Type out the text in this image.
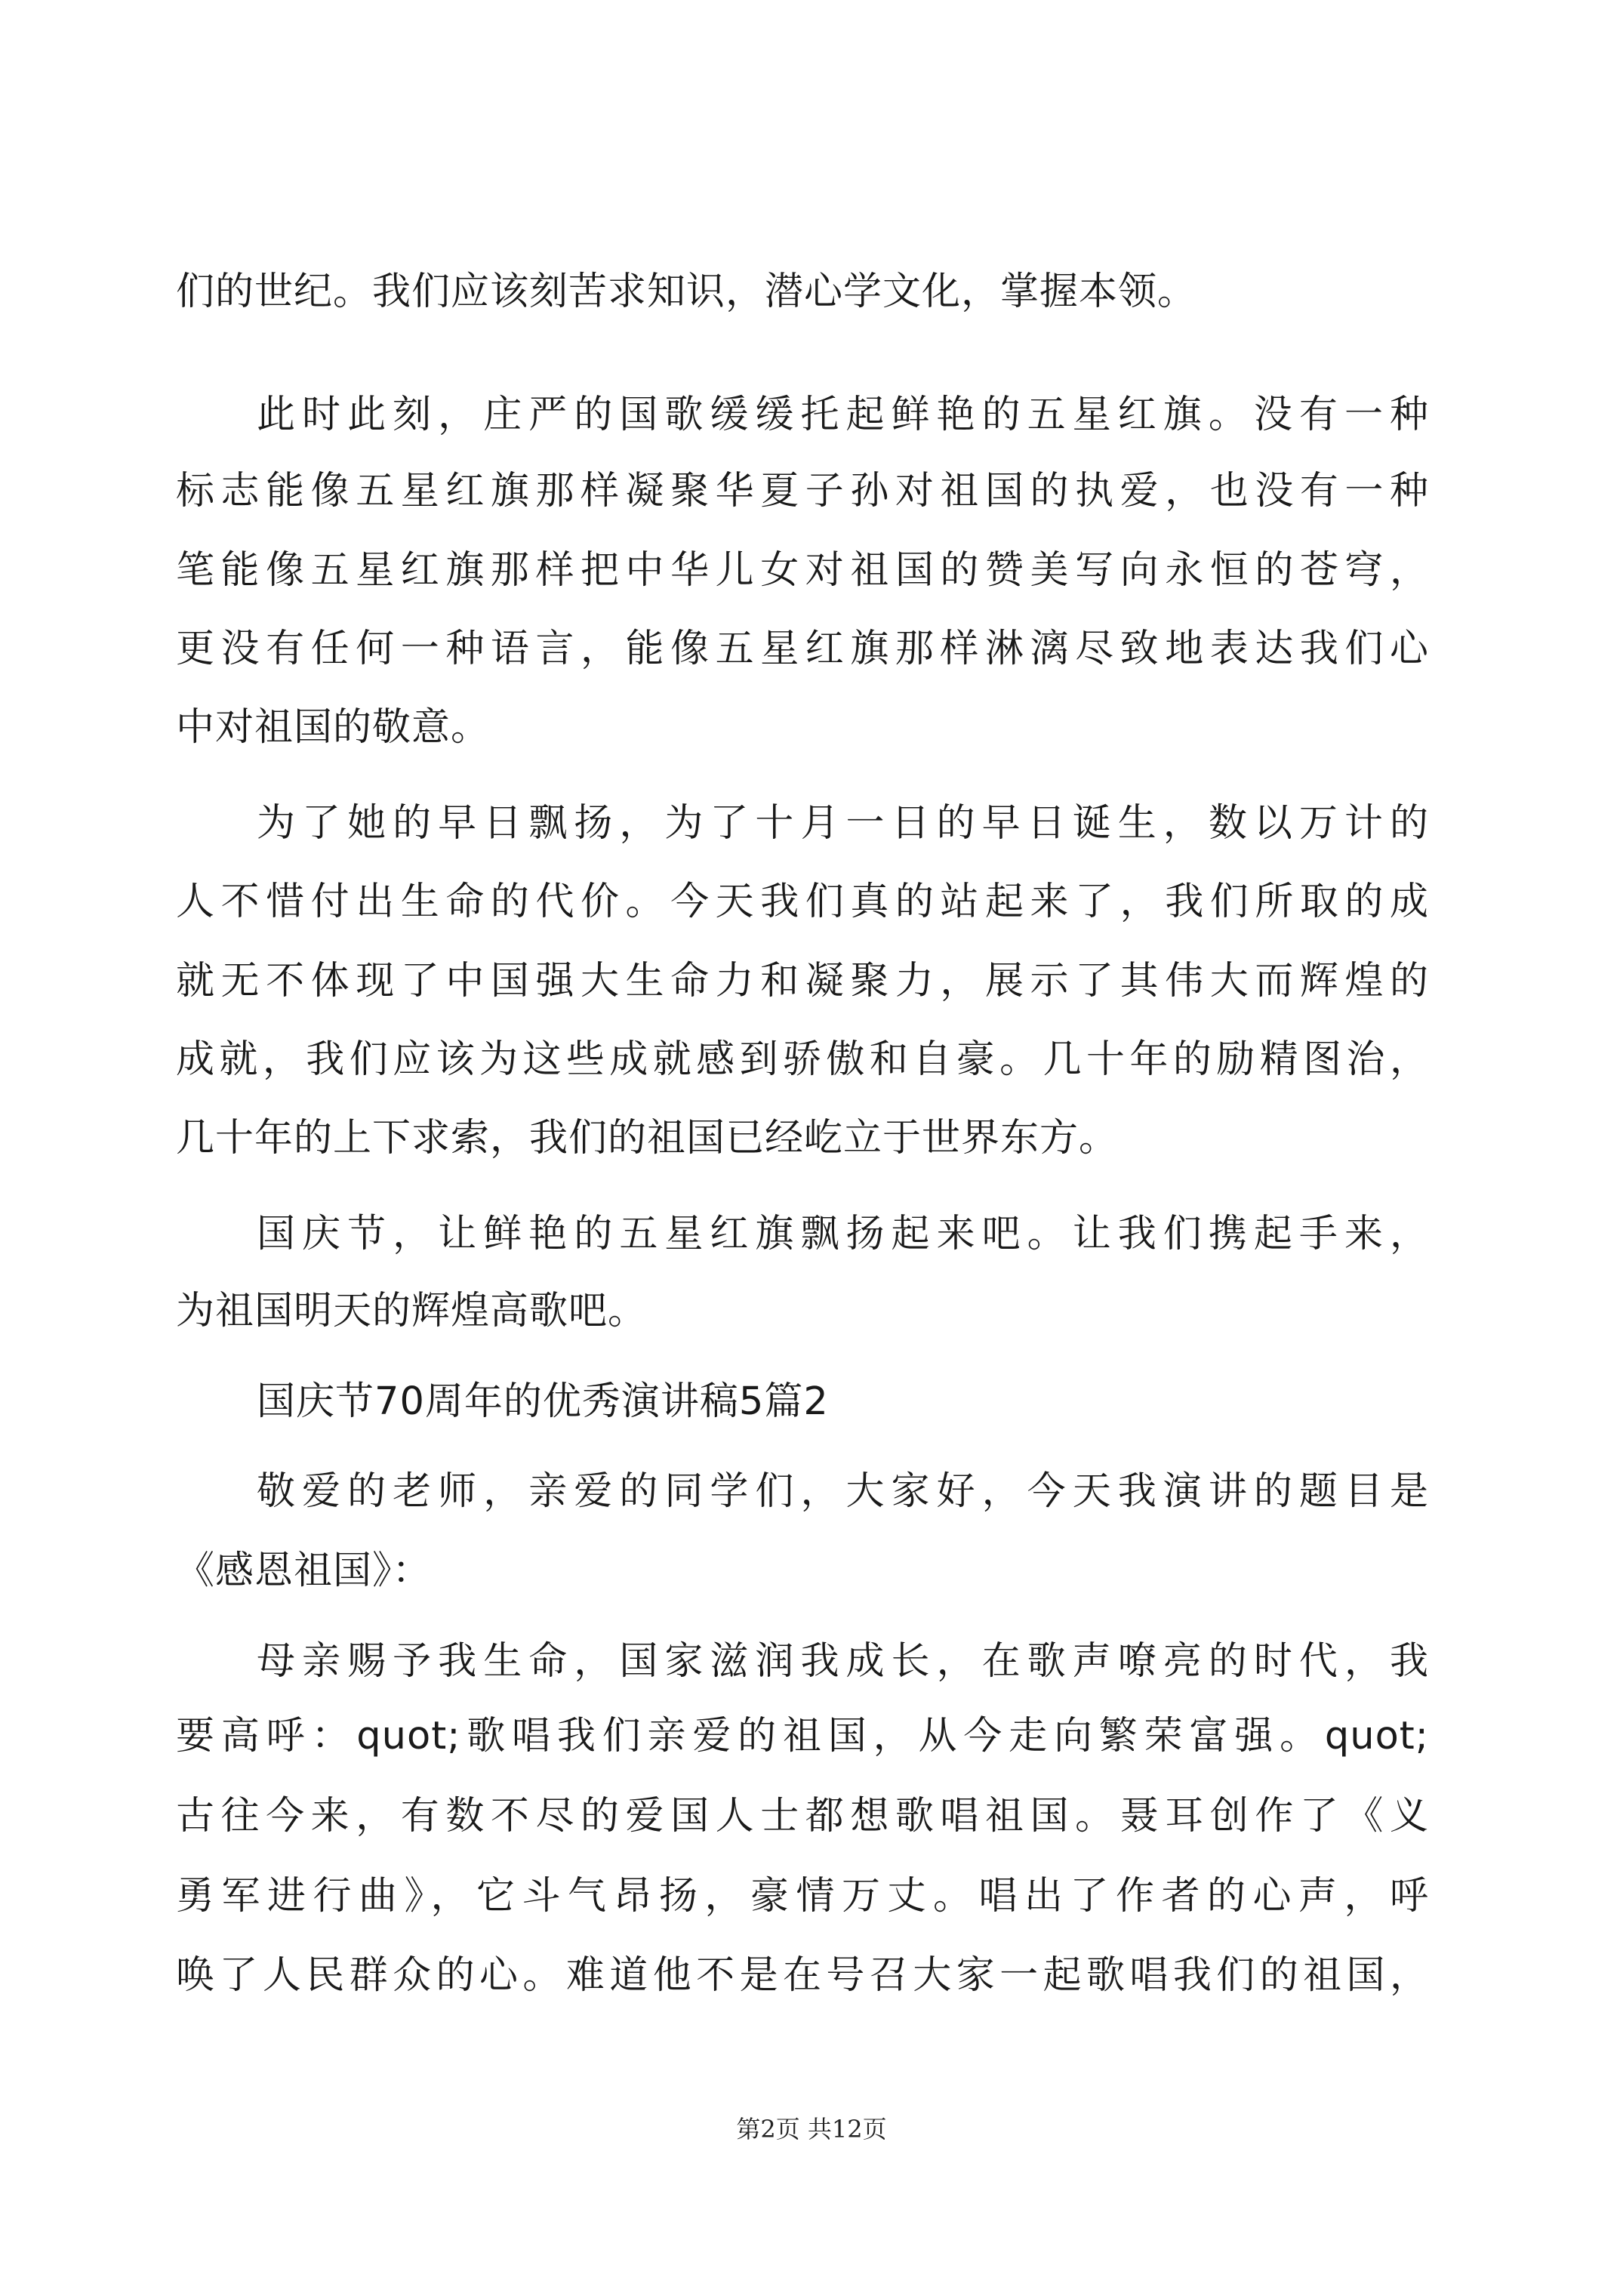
们的世纪。我们应该刻苦求知识，潜心学文化，掌握本领。
此时此刻，庄严的国歌缓缓托起鲜艳的五星红旗。没有一种
标志能像五星红旗那样凝聚华夏子孙对祖国的执爱，也没有一种
笔能像五星红旗那样把中华儿女对祖国的赞美写向永恒的苍穹，
更没有任何一种语言，能像五星红旗那样淋漓尽致地表达我们心
中对祖国的敬意。
为了她的早日飘扬，为了十月一日的早日诞生，数以万计的
人不惜付出生命的代价。今天我们真的站起来了，我们所取的成
就无不体现了中国强大生命力和凝聚力，展示了其伟大而辉煌的
成就，我们应该为这些成就感到骄傲和自豪。几十年的励精图治，
几十年的上下求索，我们的祖国已经屹立于世界东方。
国庆节，让鲜艳的五星红旗飘扬起来吧。让我们携起手来，
为祖国明天的辉煌高歌吧。
国庆节70周年的优秀演讲稿5篇2
敬爱的老师，亲爱的同学们，大家好，今天我演讲的题目是
《感恩祖国》：
母亲赐予我生命，国家滋润我成长，在歌声嘹亮的时代，我
要高呼：quot;歌唱我们亲爱的祖国，从今走向繁荣富强。quot;
古往今来，有数不尽的爱国人士都想歌唱祖国。聂耳创作了《义
勇军进行曲》，它斗气昂扬，豪情万丈。唱出了作者的心声，呼
唤了人民群众的心。难道他不是在号召大家一起歌唱我们的祖国，
第2页 共12页
